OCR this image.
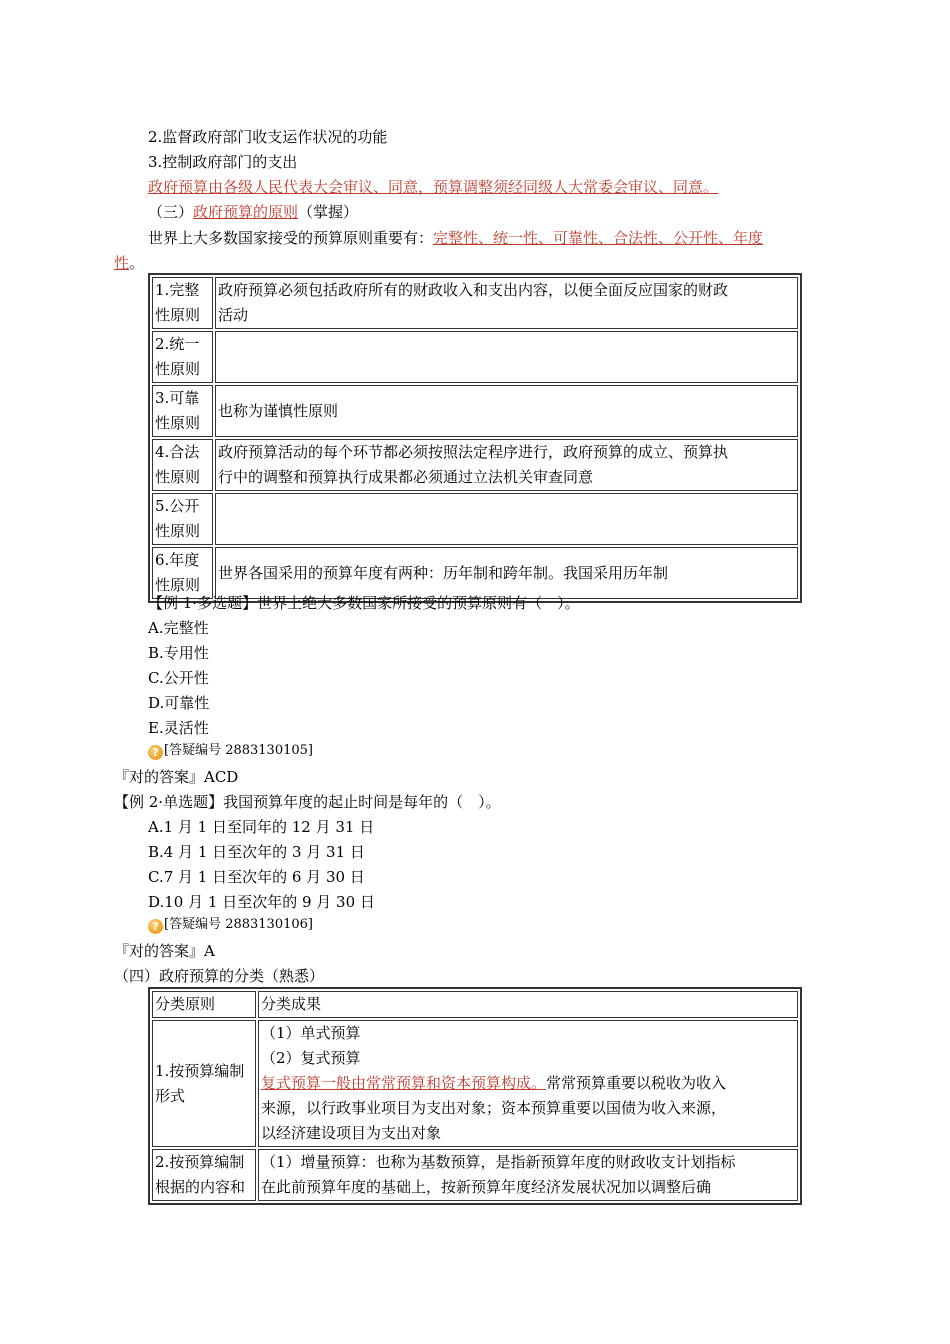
2.监督政府部门收支运作状况的功能
3.控制政府部门的支出
政府预算由各级人民代表大会审议、同意，预算调整须经同级人大常委会审议、同意。
（三）政府预算的原则（掌握）
世界上大多数国家接受的预算原则重要有：完整性、统一性、可靠性、合法性、公开性、年度
性。
1.完整
性原则	政府预算必须包括政府所有的财政收入和支出内容，以便全面反应国家的财政
活动
2.统一
性原则	
3.可靠
性原则	也称为谨慎性原则
4.合法
性原则	政府预算活动的每个环节都必须按照法定程序进行，政府预算的成立、预算执
行中的调整和预算执行成果都必须通过立法机关审查同意
5.公开
性原则	
6.年度
性原则	世界各国采用的预算年度有两种：历年制和跨年制。我国采用历年制
【例 1·多选题】世界上绝大多数国家所接受的预算原则有（　）。
A.完整性
B.专用性
C.公开性
D.可靠性
E.灵活性
? [答疑编号 2883130105]
『对的答案』ACD
【例 2·单选题】我国预算年度的起止时间是每年的（　）。
A.1 月 1 日至同年的 12 月 31 日
B.4 月 1 日至次年的 3 月 31 日
C.7 月 1 日至次年的 6 月 30 日
D.10 月 1 日至次年的 9 月 30 日
? [答疑编号 2883130106]
『对的答案』A
（四）政府预算的分类（熟悉）
分类原则	分类成果
1.按预算编制
形式	（1）单式预算
（2）复式预算
复式预算一般由常常预算和资本预算构成。常常预算重要以税收为收入
来源，以行政事业项目为支出对象；资本预算重要以国债为收入来源，
以经济建设项目为支出对象
2.按预算编制
根据的内容和	（1）增量预算：也称为基数预算，是指新预算年度的财政收支计划指标
在此前预算年度的基础上，按新预算年度经济发展状况加以调整后确
